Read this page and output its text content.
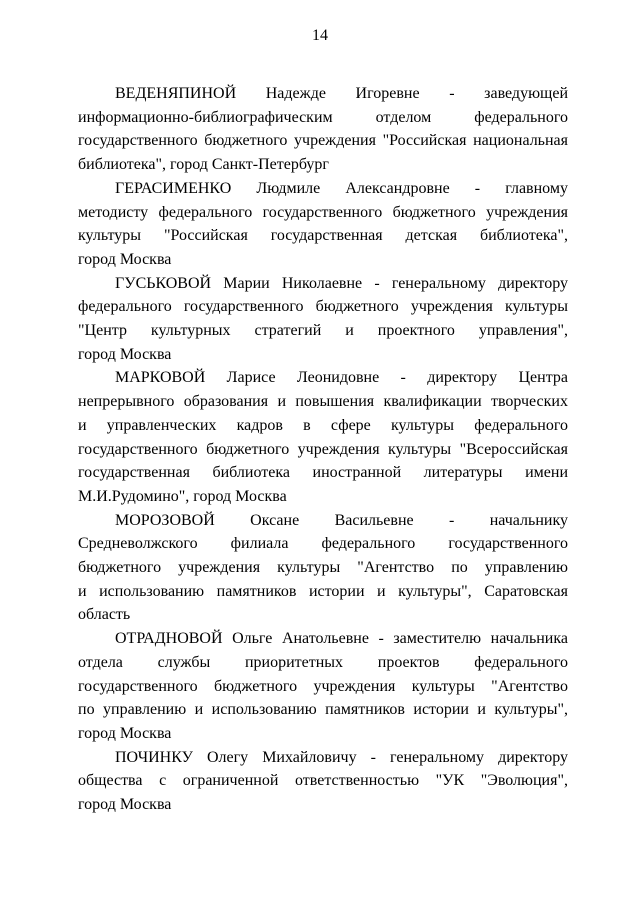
14
ВЕДЕНЯПИНОЙ Надежде Игоревне - заведующей
информационно-библиографическим отделом федерального
государственного бюджетного учреждения "Российская национальная
библиотека", город Санкт-Петербург
ГЕРАСИМЕНКО Людмиле Александровне - главному
методисту федерального государственного бюджетного учреждения
культуры "Российская государственная детская библиотека",
город Москва
ГУСЬКОВОЙ Марии Николаевне - генеральному директору
федерального государственного бюджетного учреждения культуры
"Центр культурных стратегий и проектного управления",
город Москва
МАРКОВОЙ Ларисе Леонидовне - директору Центра
непрерывного образования и повышения квалификации творческих
и управленческих кадров в сфере культуры федерального
государственного бюджетного учреждения культуры "Всероссийская
государственная библиотека иностранной литературы имени
М.И.Рудомино", город Москва
МОРОЗОВОЙ Оксане Васильевне - начальнику
Средневолжского филиала федерального государственного
бюджетного учреждения культуры "Агентство по управлению
и использованию памятников истории и культуры", Саратовская
область
ОТРАДНОВОЙ Ольге Анатольевне - заместителю начальника
отдела службы приоритетных проектов федерального
государственного бюджетного учреждения культуры "Агентство
по управлению и использованию памятников истории и культуры",
город Москва
ПОЧИНКУ Олегу Михайловичу - генеральному директору
общества с ограниченной ответственностью "УК "Эволюция",
город Москва
